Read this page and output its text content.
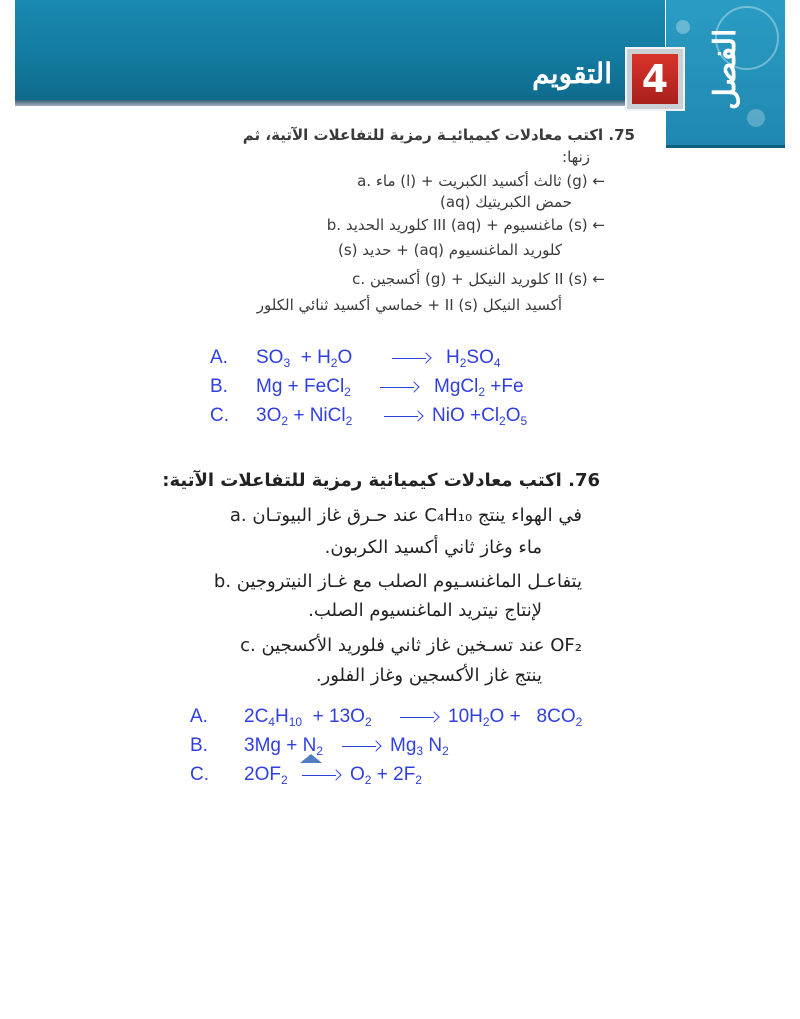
الفصل
4
التقويم
75. اكتب معادلات كيميائيـة رمزية للتفاعلات الآتية، ثم
زنها:
a. ماء (l) + ثالث أكسيد الكبريت (g) ←
حمض الكبريتيك (aq)
b. كلوريد الحديد III (aq) + ماغنسيوم (s) ←
كلوريد الماغنسيوم (aq) + حديد (s)
c. أكسجين (g) + كلوريد النيكل II (s) ←
أكسيد النيكل II (s) + خماسي أكسيد ثنائي الكلور
A. $SO_3 + H_2O$	$H_2SO_4$
B. Mg + FeCl$_2$	MgCl$_2$ +Fe
C. $3O_2$ + NiCl$_2$	NiO $+Cl_2O_5$
76. اكتب معادلات كيميائية رمزية للتفاعلات الآتية:
a. عند حـرق غاز البيوتـان C₄H₁₀ في الهواء ينتج
ماء وغاز ثاني أكسيد الكربون.
b. يتفاعـل الماغنسـيوم الصلب مع غـاز النيتروجين
لإنتاج نيتريد الماغنسيوم الصلب.
c. عند تسـخين غاز ثاني فلوريد الأكسجين OF₂
ينتج غاز الأكسجين وغاز الفلور.
A. $2C_4H_{10} + 13O_2$	$10H_2O + 8CO_2$
B. $3Mg + N_2$	$Mg_3$ $N_2$
C. $2OF_2$	$O_2 + 2F_2$
